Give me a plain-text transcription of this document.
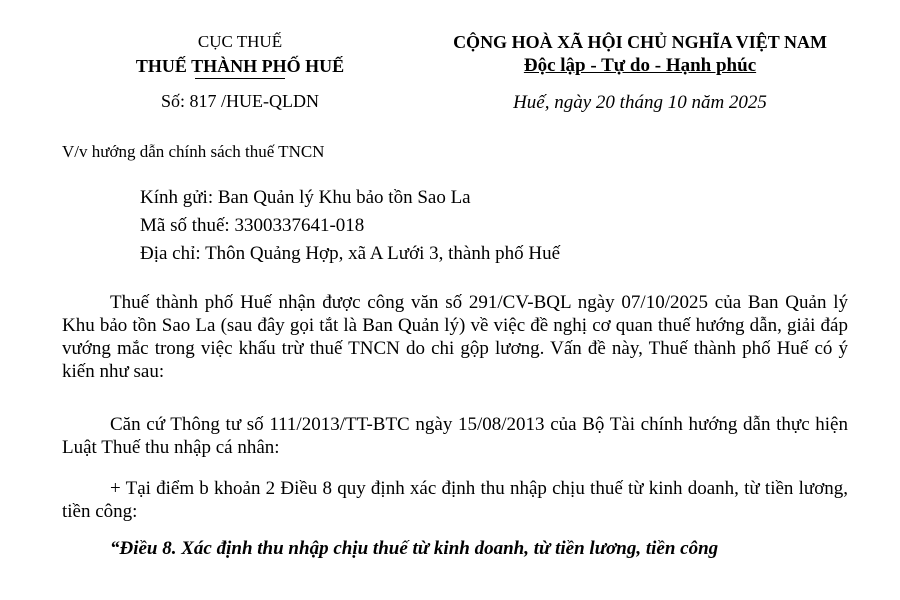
CỤC THUẾ
THUẾ THÀNH PHỐ HUẾ
Số: 817 /HUE-QLDN
CỘNG HOÀ XÃ HỘI CHỦ NGHĨA VIỆT NAM
Độc lập - Tự do - Hạnh phúc
Huế, ngày 20 tháng 10 năm 2025
V/v hướng dẫn chính sách thuế TNCN
Kính gửi: Ban Quản lý Khu bảo tồn Sao La
Mã số thuế: 3300337641-018
Địa chỉ: Thôn Quảng Hợp, xã A Lưới 3, thành phố Huế
Thuế thành phố Huế nhận được công văn số 291/CV-BQL ngày 07/10/2025 của Ban Quản lý Khu bảo tồn Sao La (sau đây gọi tắt là Ban Quản lý) về việc đề nghị cơ quan thuế hướng dẫn, giải đáp vướng mắc trong việc khấu trừ thuế TNCN do chi gộp lương. Vấn đề này, Thuế thành phố Huế có ý kiến như sau:
Căn cứ Thông tư số 111/2013/TT-BTC ngày 15/08/2013 của Bộ Tài chính hướng dẫn thực hiện Luật Thuế thu nhập cá nhân:
+ Tại điểm b khoản 2 Điều 8 quy định xác định thu nhập chịu thuế từ kinh doanh, từ tiền lương, tiền công:
“Điều 8. Xác định thu nhập chịu thuế từ kinh doanh, từ tiền lương, tiền công
